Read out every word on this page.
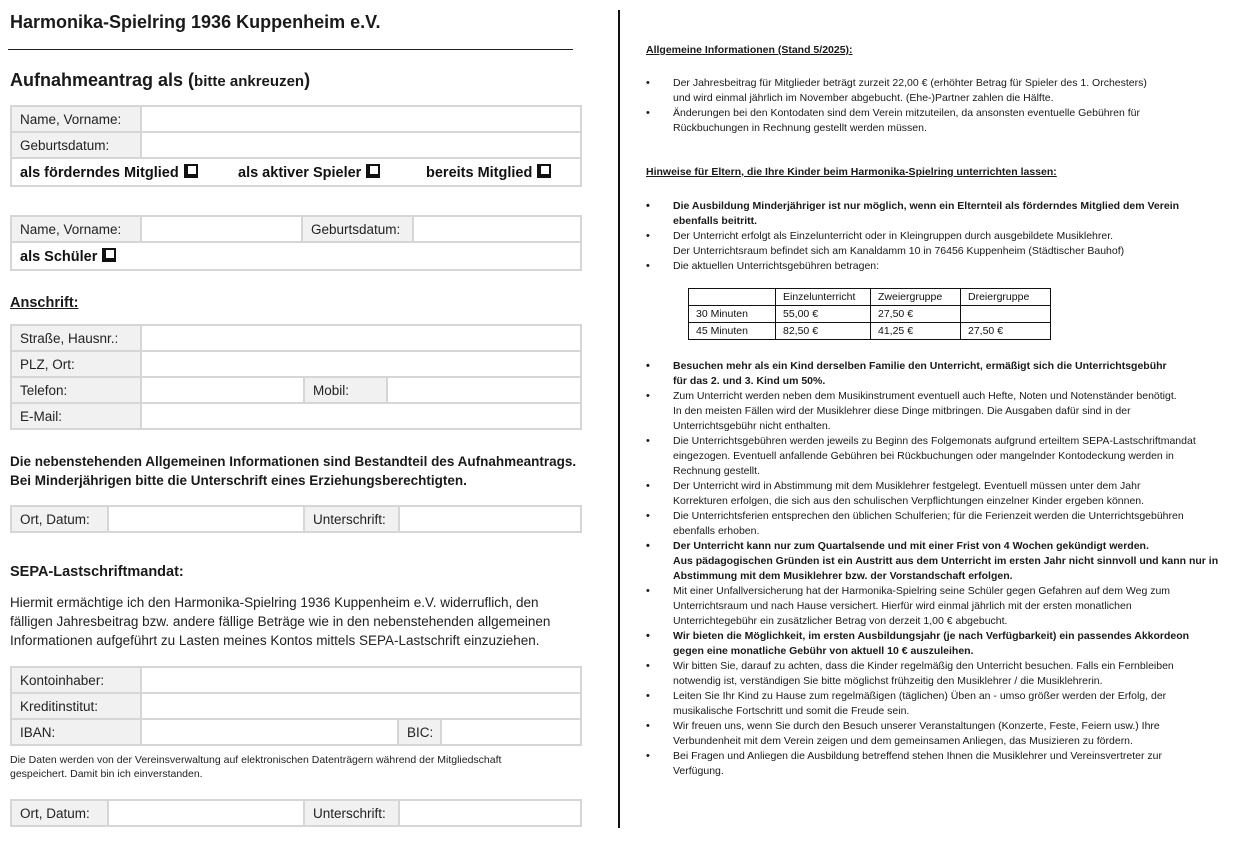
Harmonika-Spielring 1936 Kuppenheim e.V.
Aufnahmeantrag als (bitte ankreuzen)
Name, Vorname:	
Geburtsdatum:	
als förderndes Mitglied als aktiver Spieler bereits Mitglied	
Name, Vorname:		Geburtsdatum:	
als Schüler
Anschrift:
Straße, Hausnr.:			
PLZ, Ort:			
Telefon:		Mobil:	
E-Mail:			
Die nebenstehenden Allgemeinen Informationen sind Bestandteil des Aufnahmeantrags.
Bei Minderjährigen bitte die Unterschrift eines Erziehungsberechtigten.
Ort, Datum:		Unterschrift:	
SEPA-Lastschriftmandat:
Hiermit ermächtige ich den Harmonika-Spielring 1936 Kuppenheim e.V. widerruflich, den
fälligen Jahresbeitrag bzw. andere fällige Beträge wie in den nebenstehenden allgemeinen
Informationen aufgeführt zu Lasten meines Kontos mittels SEPA-Lastschrift einzuziehen.
Kontoinhaber:			
Kreditinstitut:			
IBAN:		BIC:	
Die Daten werden von der Vereinsverwaltung auf elektronischen Datenträgern während der Mitgliedschaft
gespeichert. Damit bin ich einverstanden.
Ort, Datum:		Unterschrift:	
Allgemeine Informationen (Stand 5/2025):
• Der Jahresbeitrag für Mitglieder beträgt zurzeit 22,00 € (erhöhter Betrag für Spieler des 1. Orchesters)
und wird einmal jährlich im November abgebucht. (Ehe-)Partner zahlen die Hälfte.
• Änderungen bei den Kontodaten sind dem Verein mitzuteilen, da ansonsten eventuelle Gebühren für
Rückbuchungen in Rechnung gestellt werden müssen.
Hinweise für Eltern, die Ihre Kinder beim Harmonika-Spielring unterrichten lassen:
• Die Ausbildung Minderjähriger ist nur möglich, wenn ein Elternteil als förderndes Mitglied dem Verein
ebenfalls beitritt.
• Der Unterricht erfolgt als Einzelunterricht oder in Kleingruppen durch ausgebildete Musiklehrer.
Der Unterrichtsraum befindet sich am Kanaldamm 10 in 76456 Kuppenheim (Städtischer Bauhof)
• Die aktuellen Unterrichtsgebühren betragen:
	Einzelunterricht	Zweiergruppe	Dreiergruppe
30 Minuten	55,00 €	27,50 €	
45 Minuten	82,50 €	41,25 €	27,50 €
• Besuchen mehr als ein Kind derselben Familie den Unterricht, ermäßigt sich die Unterrichtsgebühr
für das 2. und 3. Kind um 50%.
• Zum Unterricht werden neben dem Musikinstrument eventuell auch Hefte, Noten und Notenständer benötigt.
In den meisten Fällen wird der Musiklehrer diese Dinge mitbringen. Die Ausgaben dafür sind in der
Unterrichtsgebühr nicht enthalten.
• Die Unterrichtsgebühren werden jeweils zu Beginn des Folgemonats aufgrund erteiltem SEPA-Lastschriftmandat
eingezogen. Eventuell anfallende Gebühren bei Rückbuchungen oder mangelnder Kontodeckung werden in
Rechnung gestellt.
• Der Unterricht wird in Abstimmung mit dem Musiklehrer festgelegt. Eventuell müssen unter dem Jahr
Korrekturen erfolgen, die sich aus den schulischen Verpflichtungen einzelner Kinder ergeben können.
• Die Unterrichtsferien entsprechen den üblichen Schulferien; für die Ferienzeit werden die Unterrichtsgebühren
ebenfalls erhoben.
• Der Unterricht kann nur zum Quartalsende und mit einer Frist von 4 Wochen gekündigt werden.
Aus pädagogischen Gründen ist ein Austritt aus dem Unterricht im ersten Jahr nicht sinnvoll und kann nur in
Abstimmung mit dem Musiklehrer bzw. der Vorstandschaft erfolgen.
• Mit einer Unfallversicherung hat der Harmonika-Spielring seine Schüler gegen Gefahren auf dem Weg zum
Unterrichtsraum und nach Hause versichert. Hierfür wird einmal jährlich mit der ersten monatlichen
Unterrichtegebühr ein zusätzlicher Betrag von derzeit 1,00 € abgebucht.
• Wir bieten die Möglichkeit, im ersten Ausbildungsjahr (je nach Verfügbarkeit) ein passendes Akkordeon
gegen eine monatliche Gebühr von aktuell 10 € auszuleihen.
• Wir bitten Sie, darauf zu achten, dass die Kinder regelmäßig den Unterricht besuchen. Falls ein Fernbleiben
notwendig ist, verständigen Sie bitte möglichst frühzeitig den Musiklehrer / die Musiklehrerin.
• Leiten Sie Ihr Kind zu Hause zum regelmäßigen (täglichen) Üben an - umso größer werden der Erfolg, der
musikalische Fortschritt und somit die Freude sein.
• Wir freuen uns, wenn Sie durch den Besuch unserer Veranstaltungen (Konzerte, Feste, Feiern usw.) Ihre
Verbundenheit mit dem Verein zeigen und dem gemeinsamen Anliegen, das Musizieren zu fördern.
• Bei Fragen und Anliegen die Ausbildung betreffend stehen Ihnen die Musiklehrer und Vereinsvertreter zur
Verfügung.
